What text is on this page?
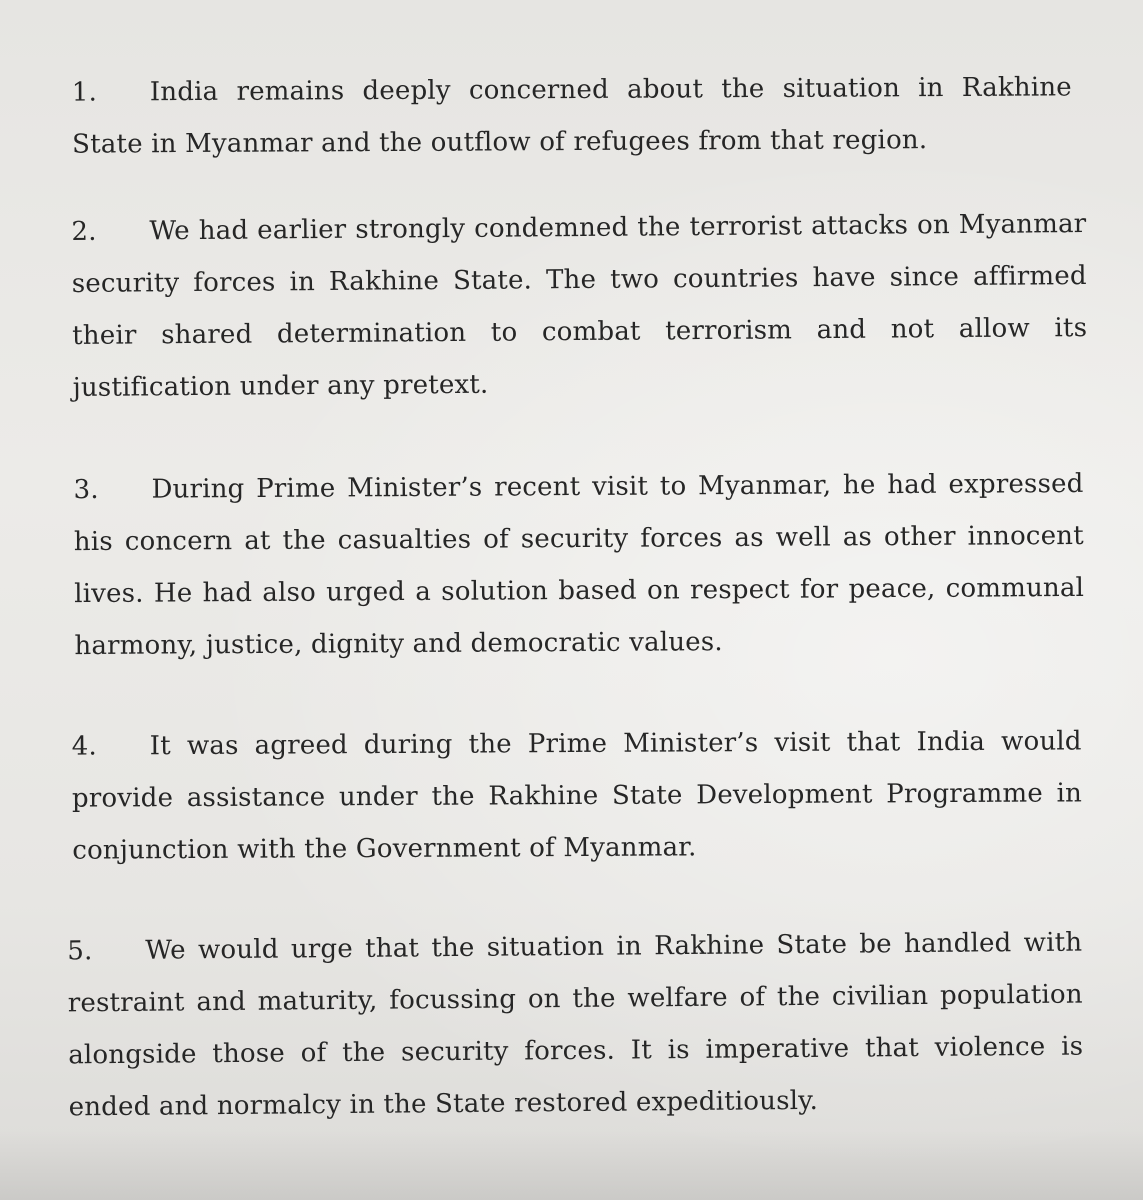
1. India remains deeply concerned about the situation in Rakhine State in Myanmar and the outflow of refugees from that region.

2. We had earlier strongly condemned the terrorist attacks on Myanmar security forces in Rakhine State. The two countries have since affirmed their shared determination to combat terrorism and not allow its justification under any pretext.

3. During Prime Minister’s recent visit to Myanmar, he had expressed his concern at the casualties of security forces as well as other innocent lives. He had also urged a solution based on respect for peace, communal harmony, justice, dignity and democratic values.

4. It was agreed during the Prime Minister’s visit that India would provide assistance under the Rakhine State Development Programme in conjunction with the Government of Myanmar.

5. We would urge that the situation in Rakhine State be handled with restraint and maturity, focussing on the welfare of the civilian population alongside those of the security forces. It is imperative that violence is ended and normalcy in the State restored expeditiously.
